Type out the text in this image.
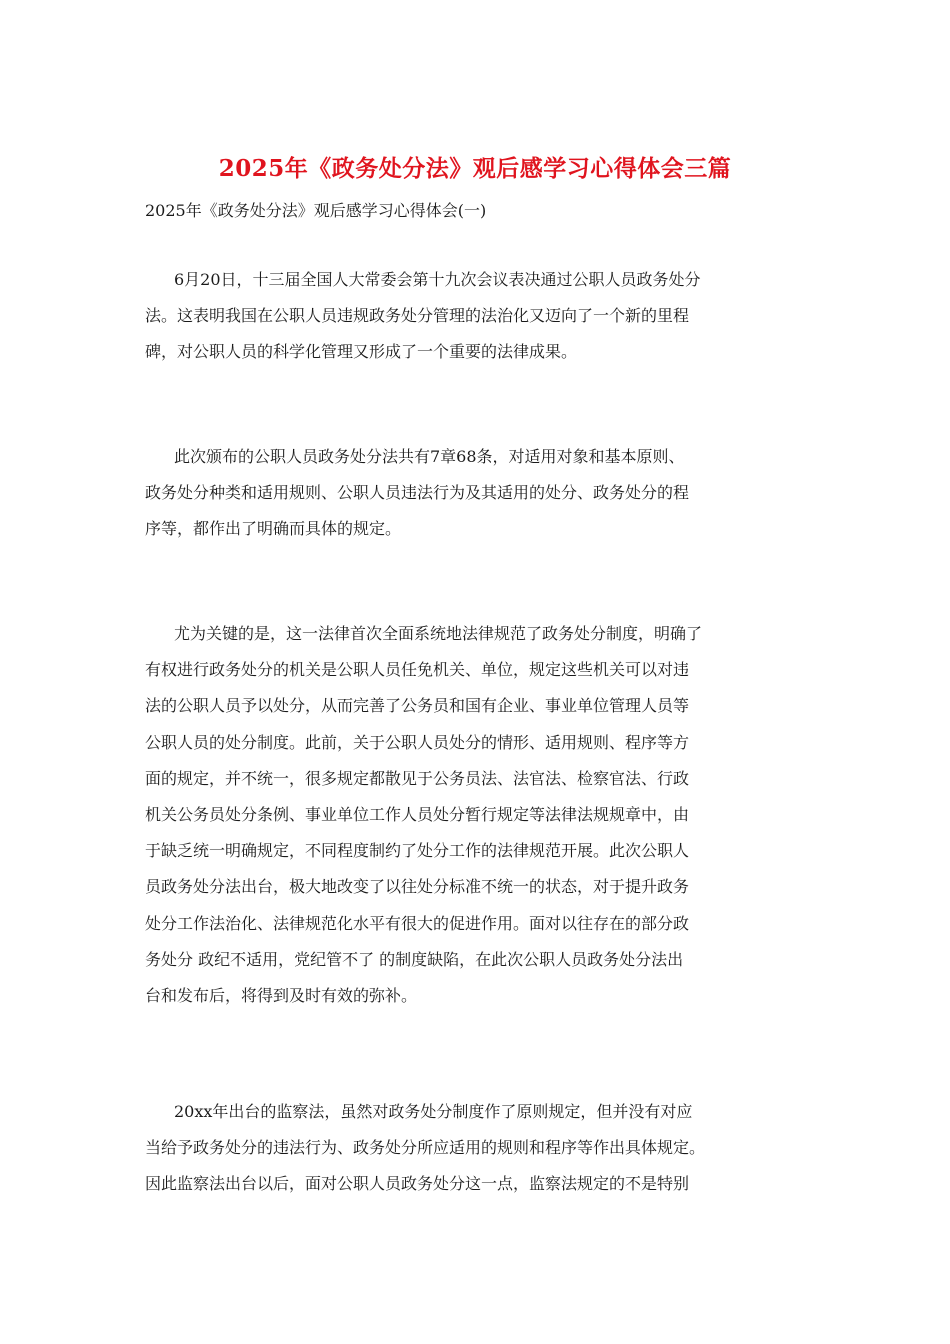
2025年《政务处分法》观后感学习心得体会三篇
2025年《政务处分法》观后感学习心得体会(一)
6月20日，十三届全国人大常委会第十九次会议表决通过公职人员政务处分
法。这表明我国在公职人员违规政务处分管理的法治化又迈向了一个新的里程
碑，对公职人员的科学化管理又形成了一个重要的法律成果。
此次颁布的公职人员政务处分法共有7章68条，对适用对象和基本原则、
政务处分种类和适用规则、公职人员违法行为及其适用的处分、政务处分的程
序等，都作出了明确而具体的规定。
尤为关键的是，这一法律首次全面系统地法律规范了政务处分制度，明确了
有权进行政务处分的机关是公职人员任免机关、单位，规定这些机关可以对违
法的公职人员予以处分，从而完善了公务员和国有企业、事业单位管理人员等
公职人员的处分制度。此前，关于公职人员处分的情形、适用规则、程序等方
面的规定，并不统一，很多规定都散见于公务员法、法官法、检察官法、行政
机关公务员处分条例、事业单位工作人员处分暂行规定等法律法规规章中，由
于缺乏统一明确规定，不同程度制约了处分工作的法律规范开展。此次公职人
员政务处分法出台，极大地改变了以往处分标准不统一的状态，对于提升政务
处分工作法治化、法律规范化水平有很大的促进作用。面对以往存在的部分政
务处分 政纪不适用，党纪管不了 的制度缺陷，在此次公职人员政务处分法出
台和发布后，将得到及时有效的弥补。
20xx年出台的监察法，虽然对政务处分制度作了原则规定，但并没有对应
当给予政务处分的违法行为、政务处分所应适用的规则和程序等作出具体规定。
因此监察法出台以后，面对公职人员政务处分这一点，监察法规定的不是特别
